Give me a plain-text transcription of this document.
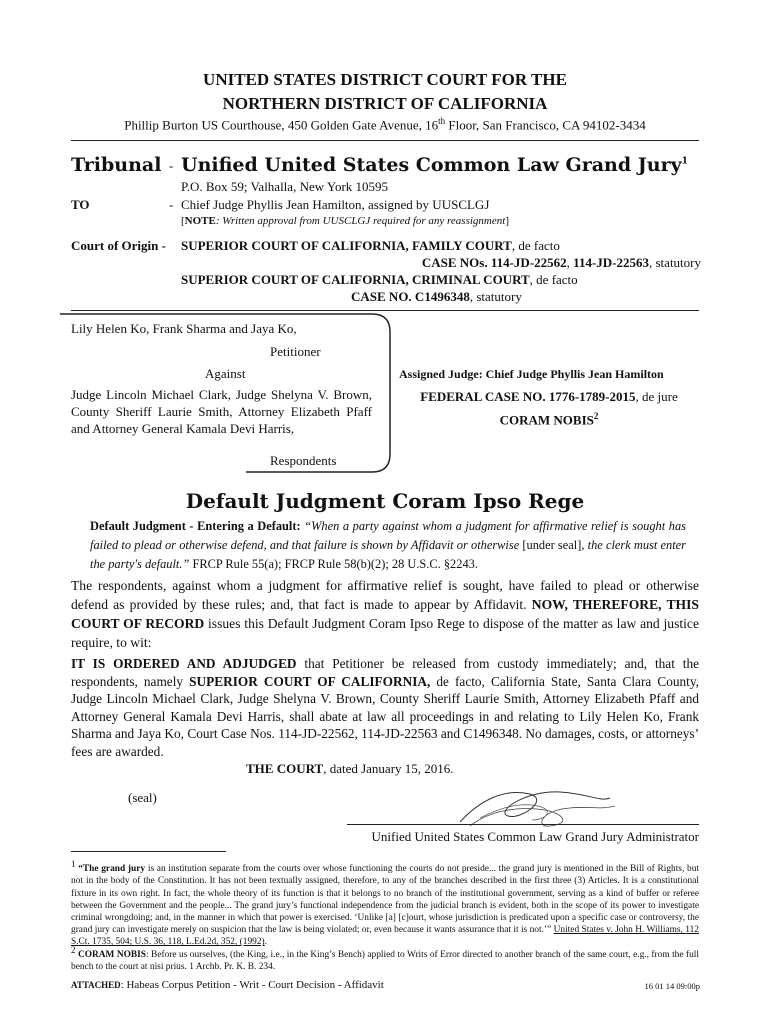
UNITED STATES DISTRICT COURT FOR THE
NORTHERN DISTRICT OF CALIFORNIA
Phillip Burton US Courthouse, 450 Golden Gate Avenue, 16th Floor, San Francisco, CA 94102-3434
Tribunal - Unified United States Common Law Grand Jury$^1$
P.O. Box 59; Valhalla, New York 10595
TO	- Chief Judge Phyllis Jean Hamilton, assigned by UUSCLGJ
[NOTE: Written approval from UUSCLGJ required for any reassignment]
Court of Origin - SUPERIOR COURT OF CALIFORNIA, FAMILY COURT, de facto
CASE NOs. 114-JD-22562, 114-JD-22563, statutory
SUPERIOR COURT OF CALIFORNIA, CRIMINAL COURT, de facto
CASE NO. C1496348, statutory
Lily Helen Ko, Frank Sharma and Jaya Ko,
Petitioner
Against
Judge Lincoln Michael Clark, Judge Shelyna V. Brown, County Sheriff Laurie Smith, Attorney Elizabeth Pfaff and Attorney General Kamala Devi Harris,
Respondents
Assigned Judge: Chief Judge Phyllis Jean Hamilton
FEDERAL CASE NO. 1776-1789-2015, de jure
CORAM NOBIS$^2$
Default Judgment Coram Ipso Rege
Default Judgment - Entering a Default: “When a party against whom a judgment for affirmative relief is sought has failed to plead or otherwise defend, and that failure is shown by Affidavit or otherwise [under seal], the clerk must enter the party's default.” FRCP Rule 55(a); FRCP Rule 58(b)(2); 28 U.S.C. §2243.
The respondents, against whom a judgment for affirmative relief is sought, have failed to plead or otherwise defend as provided by these rules; and, that fact is made to appear by Affidavit. NOW, THEREFORE, THIS COURT OF RECORD issues this Default Judgment Coram Ipso Rege to dispose of the matter as law and justice require, to wit:
IT IS ORDERED AND ADJUDGED that Petitioner be released from custody immediately; and, that the respondents, namely SUPERIOR COURT OF CALIFORNIA, de facto, California State, Santa Clara County, Judge Lincoln Michael Clark, Judge Shelyna V. Brown, County Sheriff Laurie Smith, Attorney Elizabeth Pfaff and Attorney General Kamala Devi Harris, shall abate at law all proceedings in and relating to Lily Helen Ko, Frank Sharma and Jaya Ko, Court Case Nos. 114-JD-22562, 114-JD-22563 and C1496348. No damages, costs, or attorneys’ fees are awarded.
THE COURT, dated January 15, 2016.
(seal)
Unified United States Common Law Grand Jury Administrator
$^1$ “The grand jury is an institution separate from the courts over whose functioning the courts do not preside... the grand jury is mentioned in the Bill of Rights, but not in the body of the Constitution. It has not been textually assigned, therefore, to any of the branches described in the first three (3) Articles. It is a constitutional fixture in its own right. In fact, the whole theory of its function is that it belongs to no branch of the institutional government, serving as a kind of buffer or referee between the Government and the people... The grand jury’s functional independence from the judicial branch is evident, both in the scope of its power to investigate criminal wrongdoing; and, in the manner in which that power is exercised. ‘Unlike [a] [c]ourt, whose jurisdiction is predicated upon a specific case or controversy, the grand jury can investigate merely on suspicion that the law is being violated; or, even because it wants assurance that it is not.’” United States v. John H. Williams, 112 S.Ct. 1735, 504; U.S. 36, 118, L.Ed.2d, 352, (1992).
$^2$ CORAM NOBIS: Before us ourselves, (the King, i.e., in the King’s Bench) applied to Writs of Error directed to another branch of the same court, e.g., from the full bench to the court at nisi prius. 1 Archb. Pr. K. B. 234.
ATTACHED: Habeas Corpus Petition - Writ - Court Decision - Affidavit	16 01 14 09:00p
